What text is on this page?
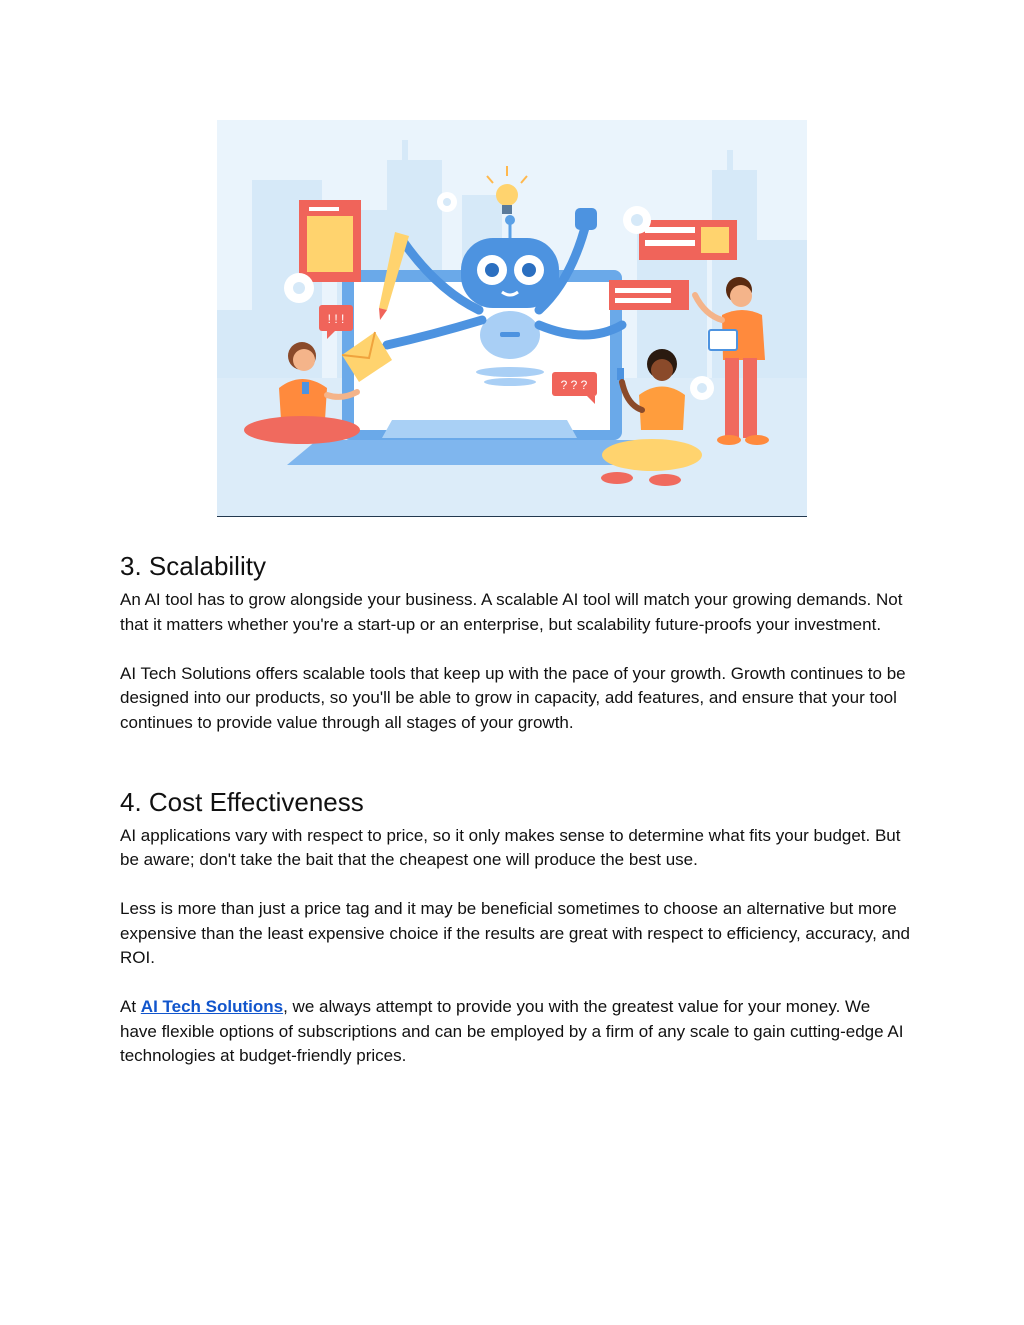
! ! !
? ? ?
3. Scalability

An AI tool has to grow alongside your business. A scalable AI tool will match your growing demands. Not that it matters whether you're a start-up or an enterprise, but scalability future-proofs your investment.

AI Tech Solutions offers scalable tools that keep up with the pace of your growth. Growth continues to be designed into our products, so you'll be able to grow in capacity, add features, and ensure that your tool continues to provide value through all stages of your growth.

4. Cost Effectiveness

AI applications vary with respect to price, so it only makes sense to determine what fits your budget. But be aware; don't take the bait that the cheapest one will produce the best use.

Less is more than just a price tag and it may be beneficial sometimes to choose an alternative but more expensive than the least expensive choice if the results are great with respect to efficiency, accuracy, and ROI.

At AI Tech Solutions, we always attempt to provide you with the greatest value for your money. We have flexible options of subscriptions and can be employed by a firm of any scale to gain cutting-edge AI technologies at budget-friendly prices.
